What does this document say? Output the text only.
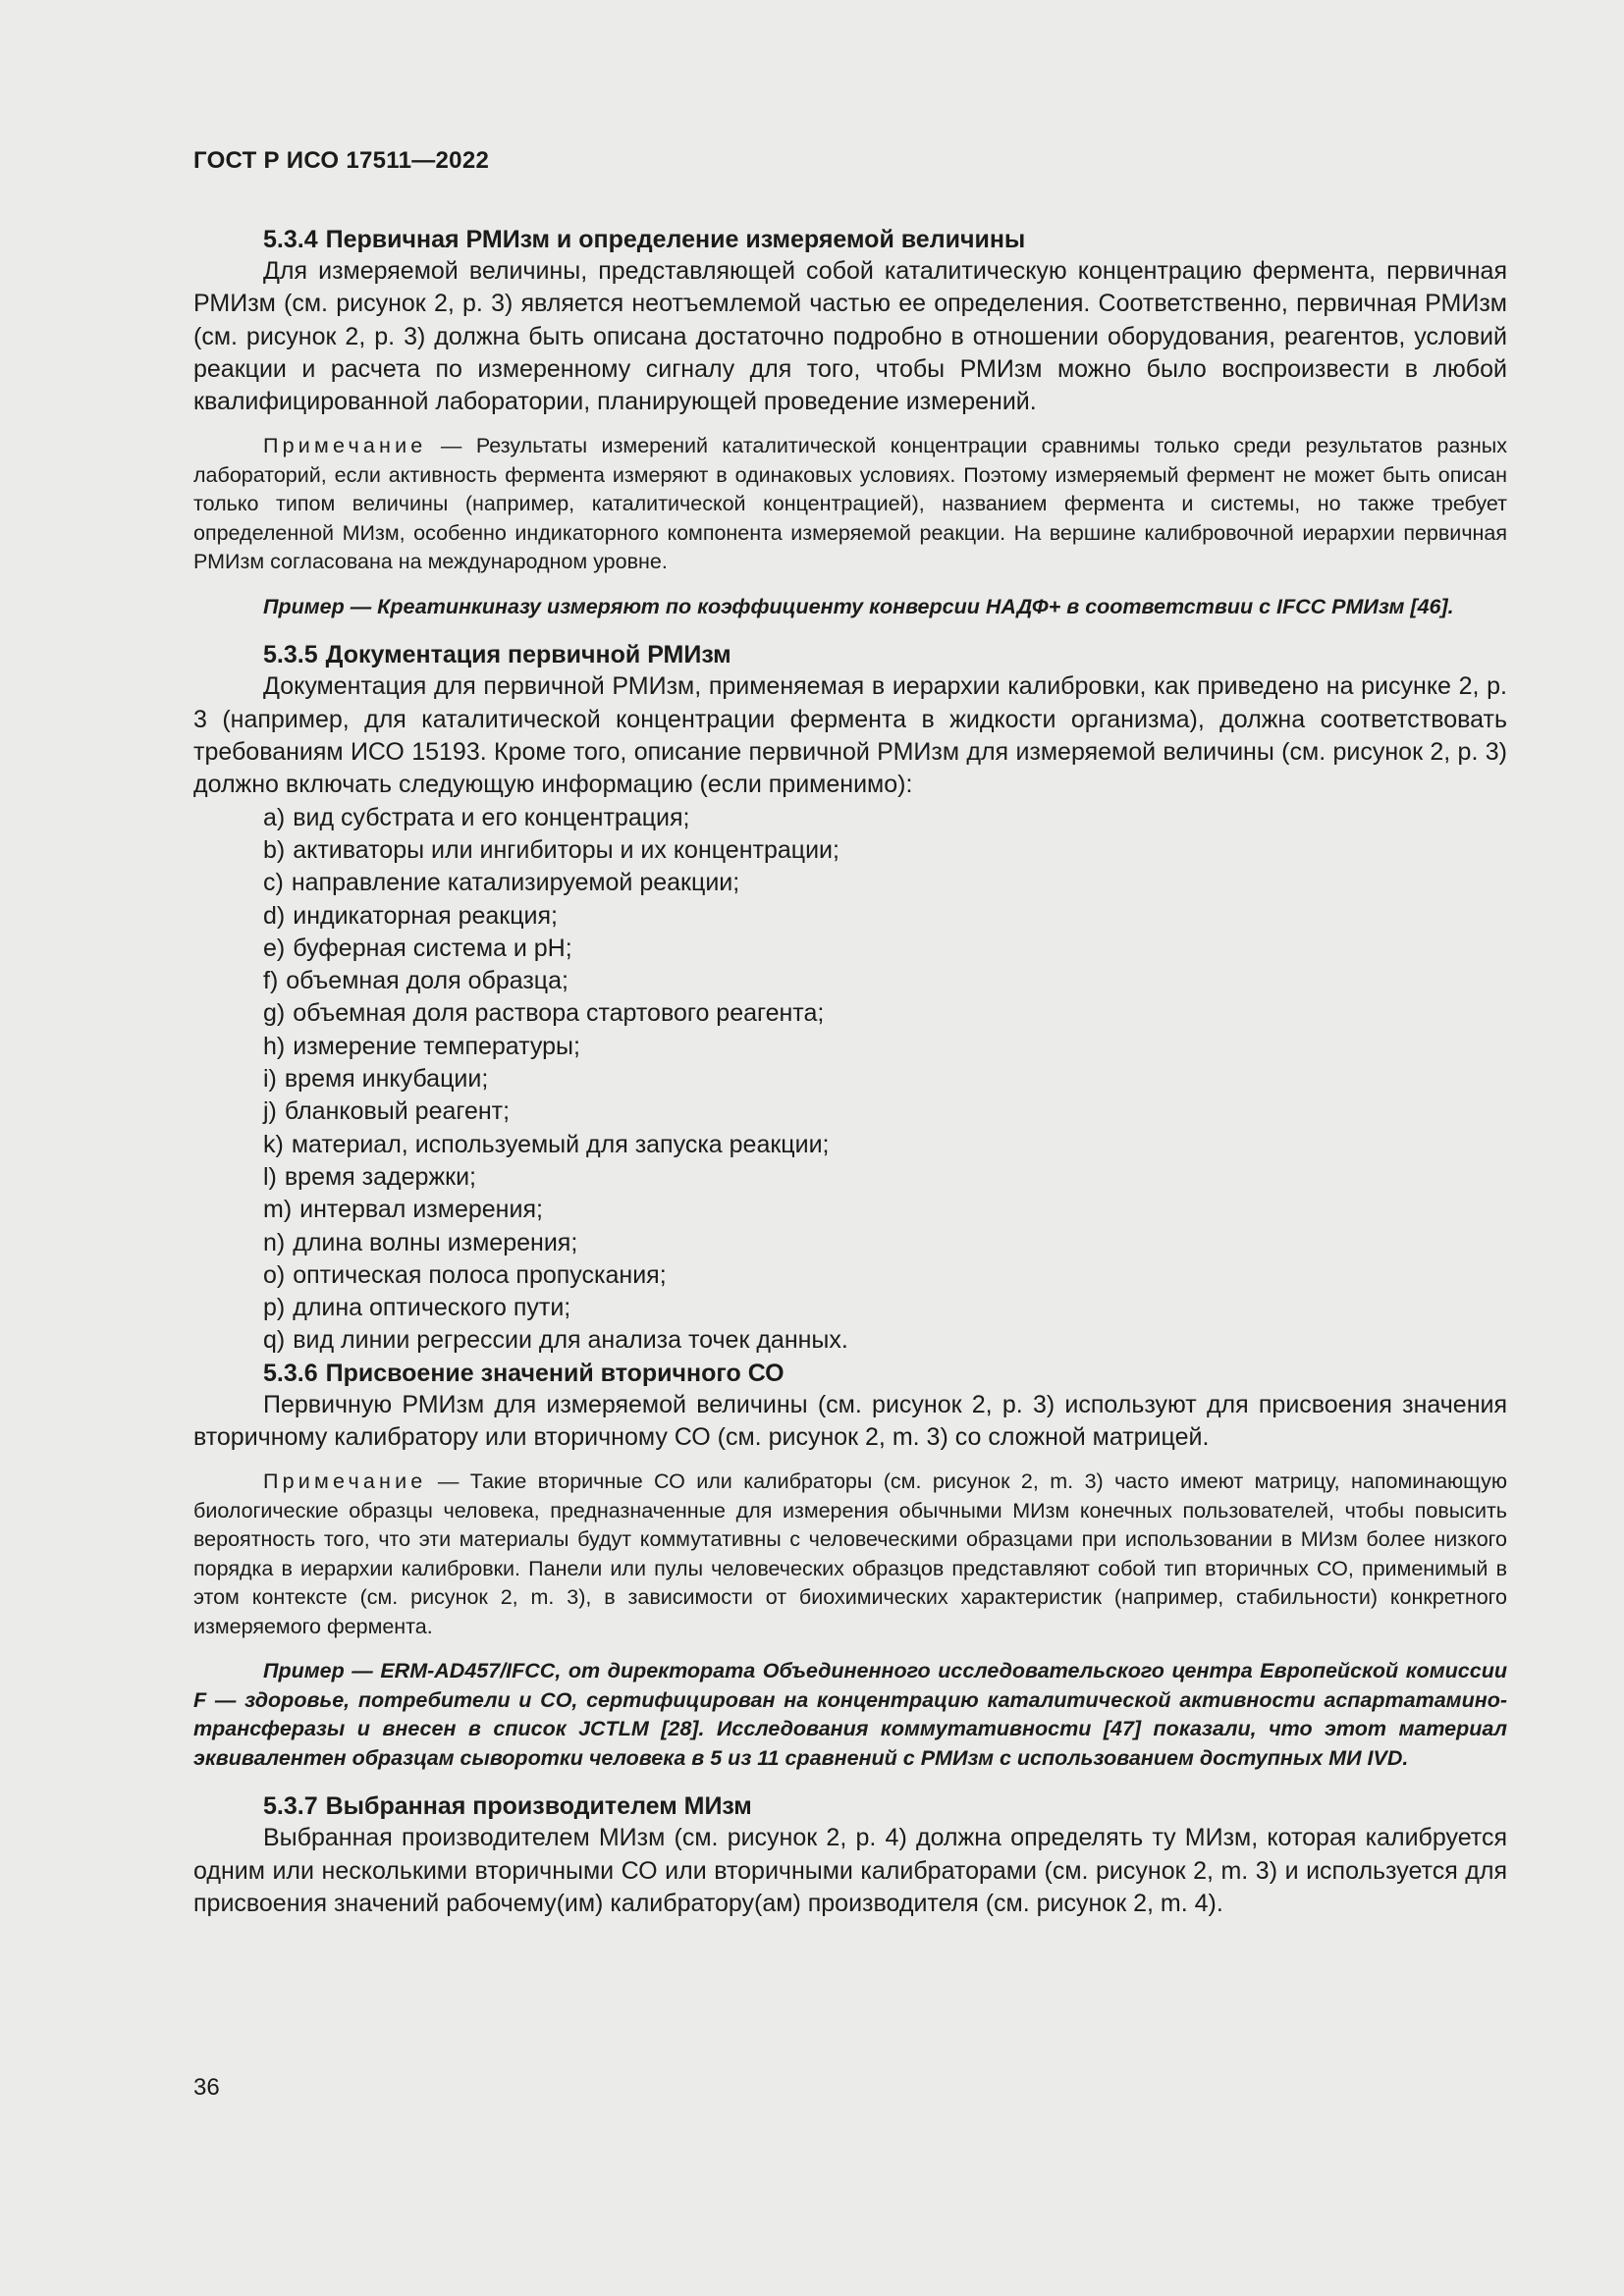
ГОСТ Р ИСО 17511—2022
5.3.4 Первичная РМИзм и определение измеряемой величины

Для измеряемой величины, представляющей собой каталитическую концентрацию фермента, первичная РМИзм (см. рисунок 2, p. 3) является неотъемлемой частью ее определения. Соответственно, первичная РМИзм (см. рисунок 2, p. 3) должна быть описана достаточно подробно в отношении оборудования, реагентов, условий реакции и расчета по измеренному сигналу для того, чтобы РМИзм можно было воспроизвести в любой квалифицированной лаборатории, планирующей проведение измерений.

Примечание — Результаты измерений каталитической концентрации сравнимы только среди результатов разных лабораторий, если активность фермента измеряют в одинаковых условиях. Поэтому измеряемый фермент не может быть описан только типом величины (например, каталитической концентрацией), названием фермента и системы, но также требует определенной МИзм, особенно индикаторного компонента измеряемой реакции. На вершине калибровочной иерархии первичная РМИзм согласована на международном уровне.

Пример — Креатинкиназу измеряют по коэффициенту конверсии НАДФ+ в соответствии с IFCC РМИзм [46].

5.3.5 Документация первичной РМИзм

Документация для первичной РМИзм, применяемая в иерархии калибровки, как приведено на рисунке 2, p. 3 (например, для каталитической концентрации фермента в жидкости организма), должна соответствовать требованиям ИСО 15193. Кроме того, описание первичной РМИзм для измеряемой величины (см. рисунок 2, p. 3) должно включать следующую информацию (если применимо):

a) вид субстрата и его концентрация;
b) активаторы или ингибиторы и их концентрации;
c) направление катализируемой реакции;
d) индикаторная реакция;
e) буферная система и pH;
f) объемная доля образца;
g) объемная доля раствора стартового реагента;
h) измерение температуры;
i) время инкубации;
j) бланковый реагент;
k) материал, используемый для запуска реакции;
l) время задержки;
m) интервал измерения;
n) длина волны измерения;
o) оптическая полоса пропускания;
p) длина оптического пути;
q) вид линии регрессии для анализа точек данных.
5.3.6 Присвоение значений вторичного СО

Первичную РМИзм для измеряемой величины (см. рисунок 2, p. 3) используют для присвоения значения вторичному калибратору или вторичному СО (см. рисунок 2, m. 3) со сложной матрицей.

Примечание — Такие вторичные СО или калибраторы (см. рисунок 2, m. 3) часто имеют матрицу, напоминающую биологические образцы человека, предназначенные для измерения обычными МИзм конечных пользователей, чтобы повысить вероятность того, что эти материалы будут коммутативны с человеческими образцами при использовании в МИзм более низкого порядка в иерархии калибровки. Панели или пулы человеческих образцов представляют собой тип вторичных СО, применимый в этом контексте (см. рисунок 2, m. 3), в зависимости от биохимических характеристик (например, стабильности) конкретного измеряемого фермента.

Пример — ERM-AD457/IFCC, от директората Объединенного исследовательского центра Европейской комиссии F — здоровье, потребители и СО, сертифицирован на концентрацию каталитической активности аспартатамино-трансферазы и внесен в список JCTLM [28]. Исследования коммутативности [47] показали, что этот материал эквивалентен образцам сыворотки человека в 5 из 11 сравнений с РМИзм с использованием доступных МИ IVD.

5.3.7 Выбранная производителем МИзм

Выбранная производителем МИзм (см. рисунок 2, p. 4) должна определять ту МИзм, которая калибруется одним или несколькими вторичными СО или вторичными калибраторами (см. рисунок 2, m. 3) и используется для присвоения значений рабочему(им) калибратору(ам) производителя (см. рисунок 2, m. 4).

36
